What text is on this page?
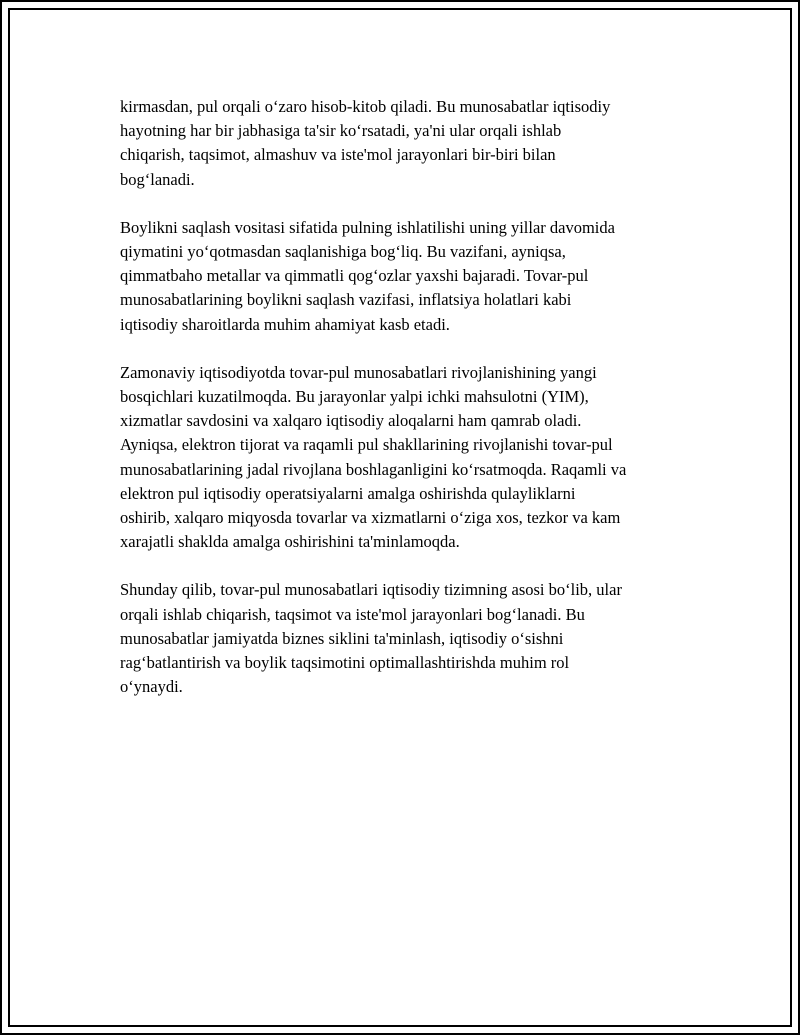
kirmasdan, pul orqali o‘zaro hisob-kitob qiladi. Bu munosabatlar iqtisodiy
hayotning har bir jabhasiga ta'sir ko‘rsatadi, ya'ni ular orqali ishlab
chiqarish, taqsimot, almashuv va iste'mol jarayonlari bir-biri bilan
bog‘lanadi.

Boylikni saqlash vositasi sifatida pulning ishlatilishi uning yillar davomida
qiymatini yo‘qotmasdan saqlanishiga bog‘liq. Bu vazifani, ayniqsa,
qimmatbaho metallar va qimmatli qog‘ozlar yaxshi bajaradi. Tovar-pul
munosabatlarining boylikni saqlash vazifasi, inflatsiya holatlari kabi
iqtisodiy sharoitlarda muhim ahamiyat kasb etadi.

Zamonaviy iqtisodiyotda tovar-pul munosabatlari rivojlanishining yangi
bosqichlari kuzatilmoqda. Bu jarayonlar yalpi ichki mahsulotni (YIM),
xizmatlar savdosini va xalqaro iqtisodiy aloqalarni ham qamrab oladi.
Ayniqsa, elektron tijorat va raqamli pul shakllarining rivojlanishi tovar-pul
munosabatlarining jadal rivojlana boshlaganligini ko‘rsatmoqda. Raqamli va
elektron pul iqtisodiy operatsiyalarni amalga oshirishda qulayliklarni
oshirib, xalqaro miqyosda tovarlar va xizmatlarni o‘ziga xos, tezkor va kam
xarajatli shaklda amalga oshirishini ta'minlamoqda.

Shunday qilib, tovar-pul munosabatlari iqtisodiy tizimning asosi bo‘lib, ular
orqali ishlab chiqarish, taqsimot va iste'mol jarayonlari bog‘lanadi. Bu
munosabatlar jamiyatda biznes siklini ta'minlash, iqtisodiy o‘sishni
rag‘batlantirish va boylik taqsimotini optimallashtirishda muhim rol
o‘ynaydi.
